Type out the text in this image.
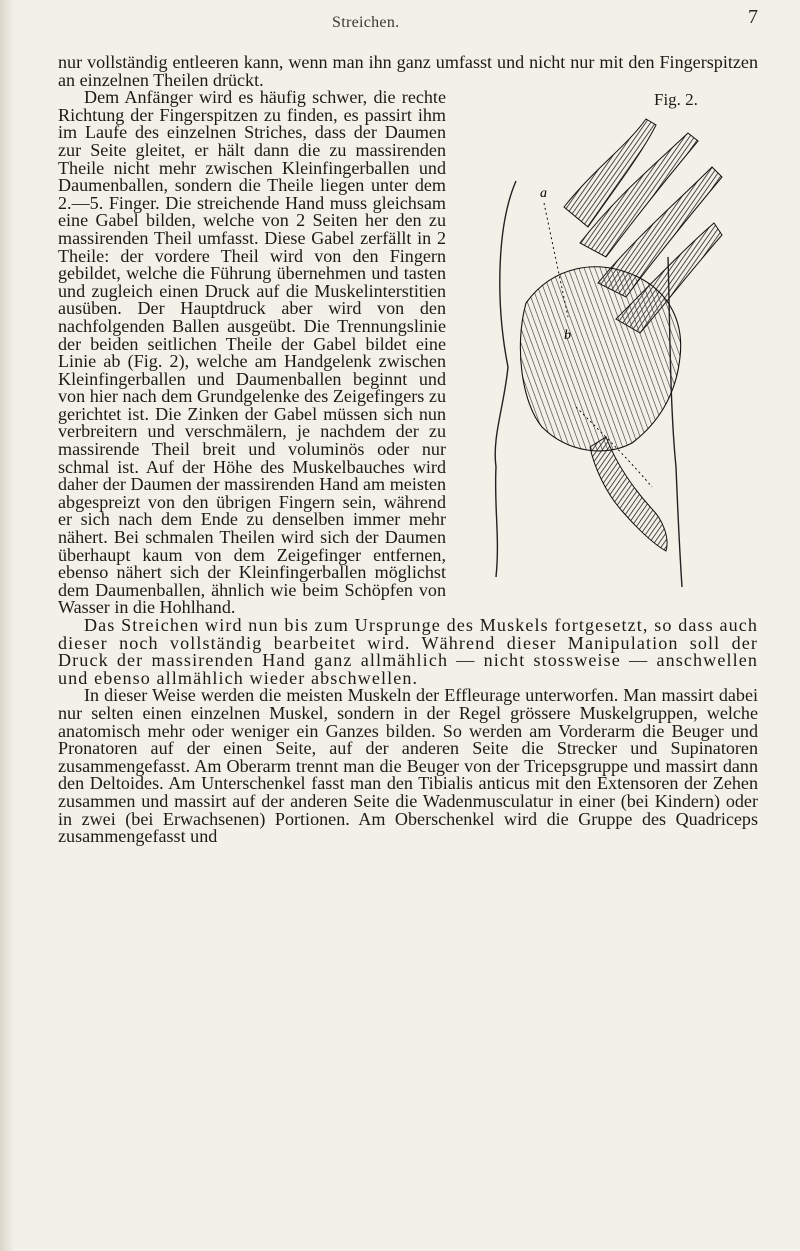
Streichen.	7

nur vollständig entleeren kann, wenn man ihn ganz umfasst und nicht nur mit den Fingerspitzen an einzelnen Theilen drückt.

Fig. 2.
a
b

Dem Anfänger wird es häufig schwer, die rechte Richtung der Fingerspitzen zu finden, es passirt ihm im Laufe des einzelnen Striches, dass der Daumen zur Seite gleitet, er hält dann die zu massirenden Theile nicht mehr zwischen Kleinfingerballen und Daumenballen, sondern die Theile liegen unter dem 2.—5. Finger. Die streichende Hand muss gleichsam eine Gabel bilden, welche von 2 Seiten her den zu massirenden Theil umfasst. Diese Gabel zerfällt in 2 Theile: der vordere Theil wird von den Fingern gebildet, welche die Führung übernehmen und tasten und zugleich einen Druck auf die Muskelinterstitien ausüben. Der Hauptdruck aber wird von den nachfolgenden Ballen ausgeübt. Die Trennungslinie der beiden seitlichen Theile der Gabel bildet eine Linie ab (Fig. 2), welche am Handgelenk zwischen Kleinfingerballen und Daumenballen beginnt und von hier nach dem Grundgelenke des Zeigefingers zu gerichtet ist. Die Zinken der Gabel müssen sich nun verbreitern und verschmälern, je nachdem der zu massirende Theil breit und voluminös oder nur schmal ist. Auf der Höhe des Muskelbauches wird daher der Daumen der massirenden Hand am meisten abgespreizt von den übrigen Fingern sein, während er sich nach dem Ende zu denselben immer mehr nähert. Bei schmalen Theilen wird sich der Daumen überhaupt kaum von dem Zeigefinger entfernen, ebenso nähert sich der Kleinfingerballen möglichst dem Daumenballen, ähnlich wie beim Schöpfen von Wasser in die Hohlhand.

Das Streichen wird nun bis zum Ursprunge des Muskels fortgesetzt, so dass auch dieser noch vollständig bearbeitet wird. Während dieser Manipulation soll der Druck der massirenden Hand ganz allmählich — nicht stossweise — anschwellen und ebenso allmählich wieder abschwellen.

In dieser Weise werden die meisten Muskeln der Effleurage unterworfen. Man massirt dabei nur selten einen einzelnen Muskel, sondern in der Regel grössere Muskelgruppen, welche anatomisch mehr oder weniger ein Ganzes bilden. So werden am Vorderarm die Beuger und Pronatoren auf der einen Seite, auf der anderen Seite die Strecker und Supinatoren zusammengefasst. Am Oberarm trennt man die Beuger von der Tricepsgruppe und massirt dann den Deltoides. Am Unterschenkel fasst man den Tibialis anticus mit den Extensoren der Zehen zusammen und massirt auf der anderen Seite die Wadenmusculatur in einer (bei Kindern) oder in zwei (bei Erwachsenen) Portionen. Am Oberschenkel wird die Gruppe des Quadriceps zusammengefasst und
